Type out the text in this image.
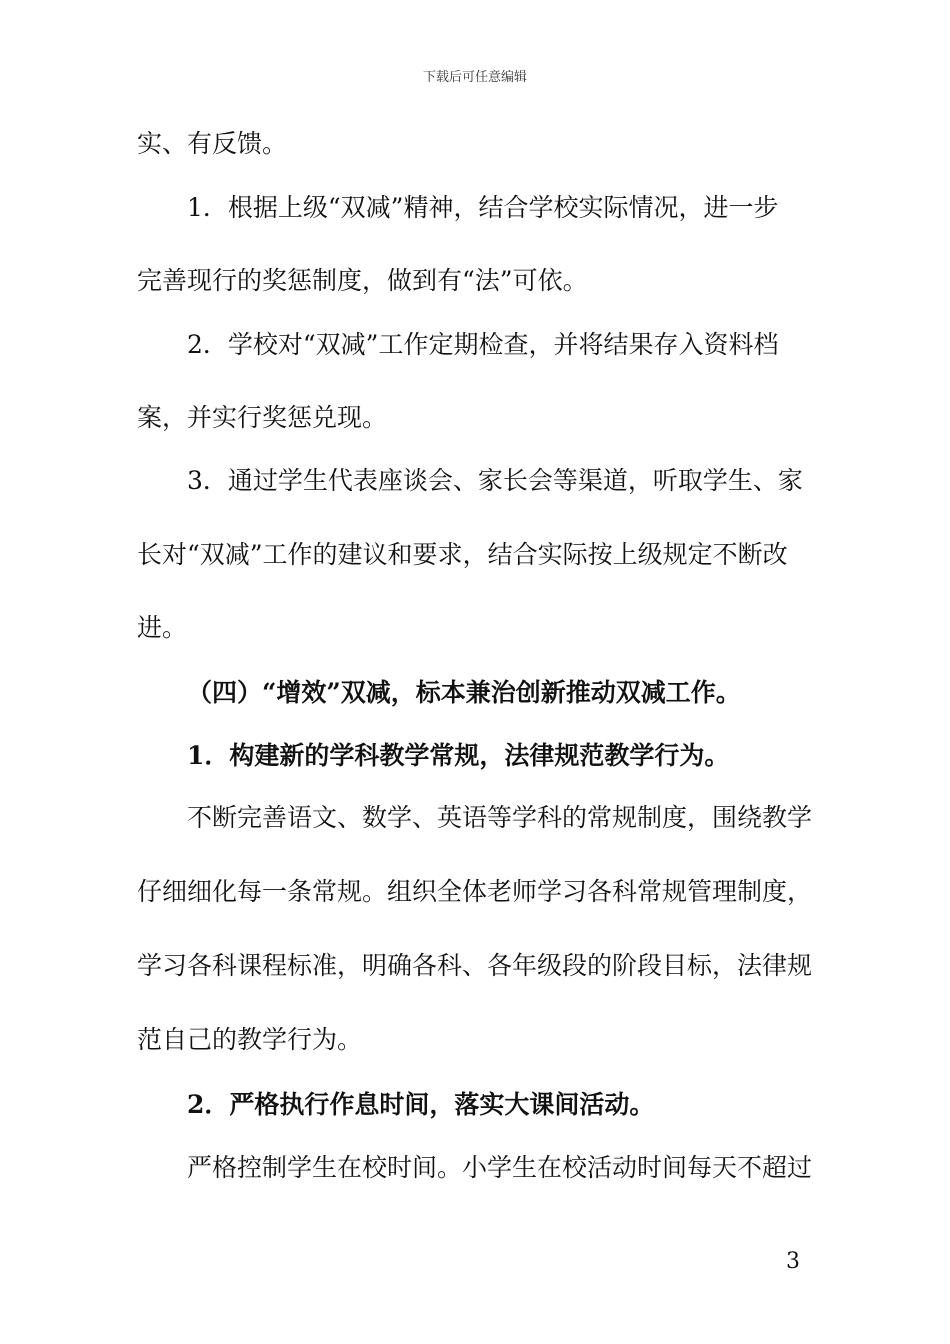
下载后可任意编辑
实、有反馈。
1．根据上级“双减”精神，结合学校实际情况，进一步
完善现行的奖惩制度，做到有“法”可依。
2．学校对“双减”工作定期检查，并将结果存入资料档
案，并实行奖惩兑现。
3．通过学生代表座谈会、家长会等渠道，听取学生、家
长对“双减”工作的建议和要求，结合实际按上级规定不断改
进。
（四）“增效”双减，标本兼治创新推动双减工作。
1．构建新的学科教学常规，法律规范教学行为。
不断完善语文、数学、英语等学科的常规制度，围绕教学
仔细细化每一条常规。组织全体老师学习各科常规管理制度，
学习各科课程标准，明确各科、各年级段的阶段目标，法律规
范自己的教学行为。
2．严格执行作息时间，落实大课间活动。
严格控制学生在校时间。小学生在校活动时间每天不超过
3
